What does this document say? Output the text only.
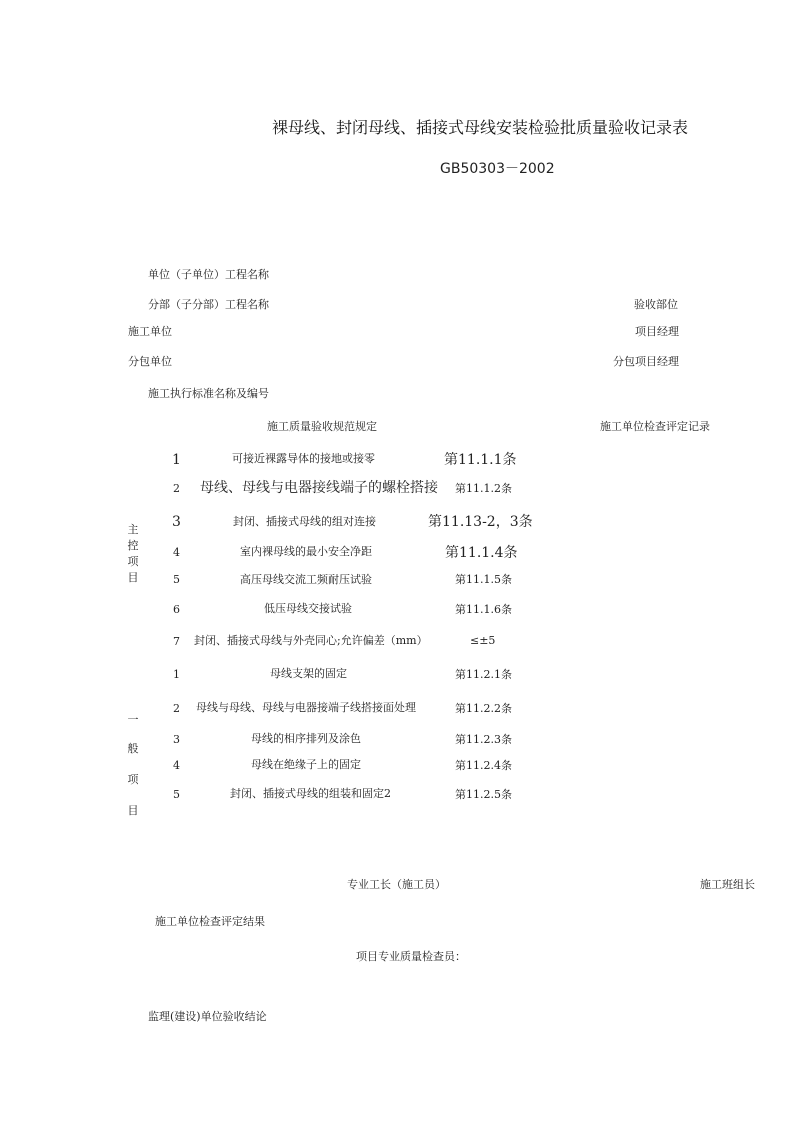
裸母线、封闭母线、插接式母线安装检验批质量验收记录表
GB50303－2002
单位（子单位）工程名称
分部（子分部）工程名称	验收部位
施工单位	项目经理
分包单位	分包项目经理
施工执行标准名称及编号
施工质量验收规范规定	施工单位检查评定记录
主
控
项
目
1	可接近裸露导体的接地或接零	第11.1.1条
2 母线、母线与电器接线端子的螺栓搭接 第11.1.2条
3	封闭、插接式母线的组对连接	第11.13-2，3条
4	室内裸母线的最小安全净距	第11.1.4条
5	高压母线交流工频耐压试验	第11.1.5条
6	低压母线交接试验	第11.1.6条
7 封闭、插接式母线与外壳同心;允许偏差（mm）	≤±5
一
般
项
目
1	母线支架的固定	第11.2.1条
2 母线与母线、母线与电器接端子线搭接面处理	第11.2.2条
3	母线的相序排列及涂色	第11.2.3条
4	母线在绝缘子上的固定	第11.2.4条
5	封闭、插接式母线的组装和固定2	第11.2.5条
专业工长（施工员）	施工班组长
施工单位检查评定结果
项目专业质量检查员：
监理(建设)单位验收结论
